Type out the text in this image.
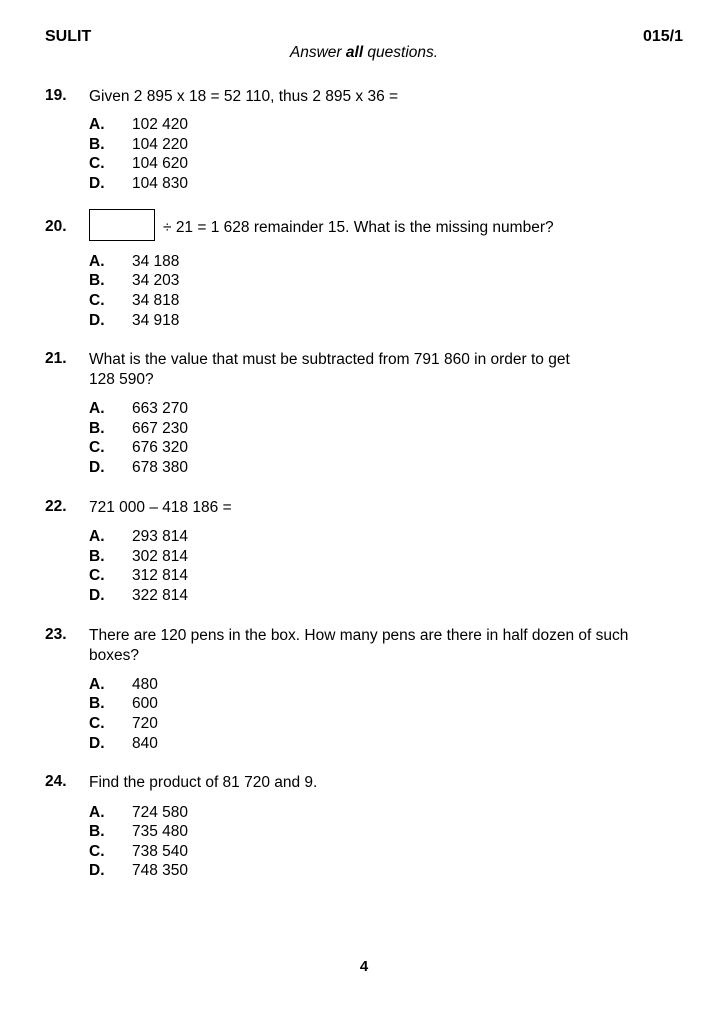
SULIT	015/1
Answer all questions.
19. Given 2 895 x 18 = 52 110, thus 2 895 x 36 =
A. 102 420
B. 104 220
C. 104 620
D. 104 830
20.	÷ 21 = 1 628 remainder 15. What is the missing number?
A. 34 188
B. 34 203
C. 34 818
D. 34 918
21. What is the value that must be subtracted from 791 860 in order to get
128 590?
A. 663 270
B. 667 230
C. 676 320
D. 678 380
22. 721 000 – 418 186 =
A. 293 814
B. 302 814
C. 312 814
D. 322 814
23. There are 120 pens in the box. How many pens are there in half dozen of such
boxes?
A. 480
B. 600
C. 720
D. 840
24. Find the product of 81 720 and 9.
A. 724 580
B. 735 480
C. 738 540
D. 748 350
4
